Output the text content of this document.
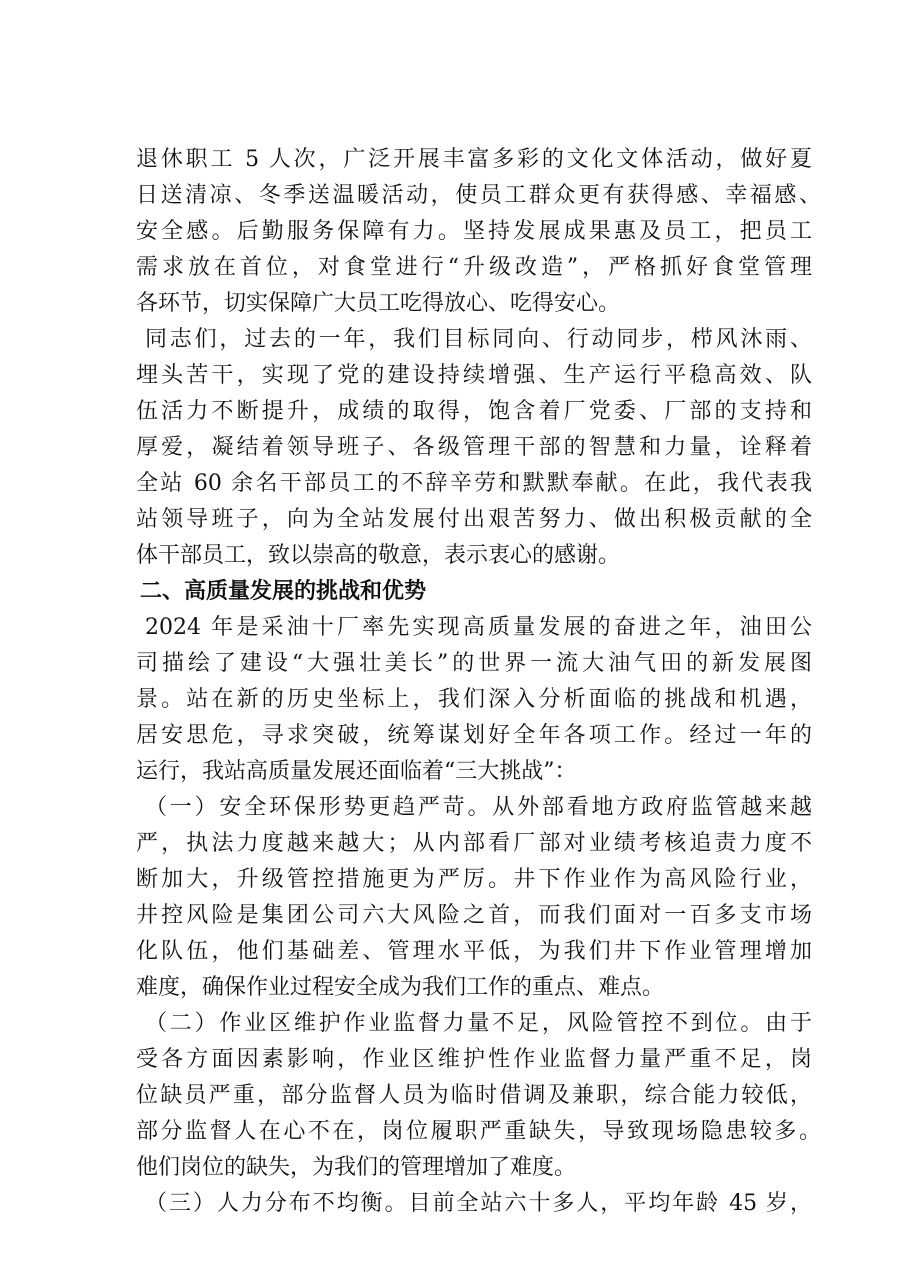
退休职工 5 人次，广泛开展丰富多彩的文化文体活动，做好夏
日送清凉、冬季送温暖活动，使员工群众更有获得感、幸福感、
安全感。后勤服务保障有力。坚持发展成果惠及员工，把员工
需求放在首位，对食堂进行“升级改造”，严格抓好食堂管理
各环节，切实保障广大员工吃得放心、吃得安心。
同志们，过去的一年，我们目标同向、行动同步，栉风沐雨、
埋头苦干，实现了党的建设持续增强、生产运行平稳高效、队
伍活力不断提升，成绩的取得，饱含着厂党委、厂部的支持和
厚爱，凝结着领导班子、各级管理干部的智慧和力量，诠释着
全站 60 余名干部员工的不辞辛劳和默默奉献。在此，我代表我
站领导班子，向为全站发展付出艰苦努力、做出积极贡献的全
体干部员工，致以崇高的敬意，表示衷心的感谢。
二、高质量发展的挑战和优势
2024 年是采油十厂率先实现高质量发展的奋进之年，油田公
司描绘了建设“大强壮美长”的世界一流大油气田的新发展图
景。站在新的历史坐标上，我们深入分析面临的挑战和机遇，
居安思危，寻求突破，统筹谋划好全年各项工作。经过一年的
运行，我站高质量发展还面临着“三大挑战”：
（一）安全环保形势更趋严苛。从外部看地方政府监管越来越
严，执法力度越来越大；从内部看厂部对业绩考核追责力度不
断加大，升级管控措施更为严厉。井下作业作为高风险行业，
井控风险是集团公司六大风险之首，而我们面对一百多支市场
化队伍，他们基础差、管理水平低，为我们井下作业管理增加
难度，确保作业过程安全成为我们工作的重点、难点。
（二）作业区维护作业监督力量不足，风险管控不到位。由于
受各方面因素影响，作业区维护性作业监督力量严重不足，岗
位缺员严重，部分监督人员为临时借调及兼职，综合能力较低，
部分监督人在心不在，岗位履职严重缺失，导致现场隐患较多。
他们岗位的缺失，为我们的管理增加了难度。
（三）人力分布不均衡。目前全站六十多人，平均年龄 45 岁，
